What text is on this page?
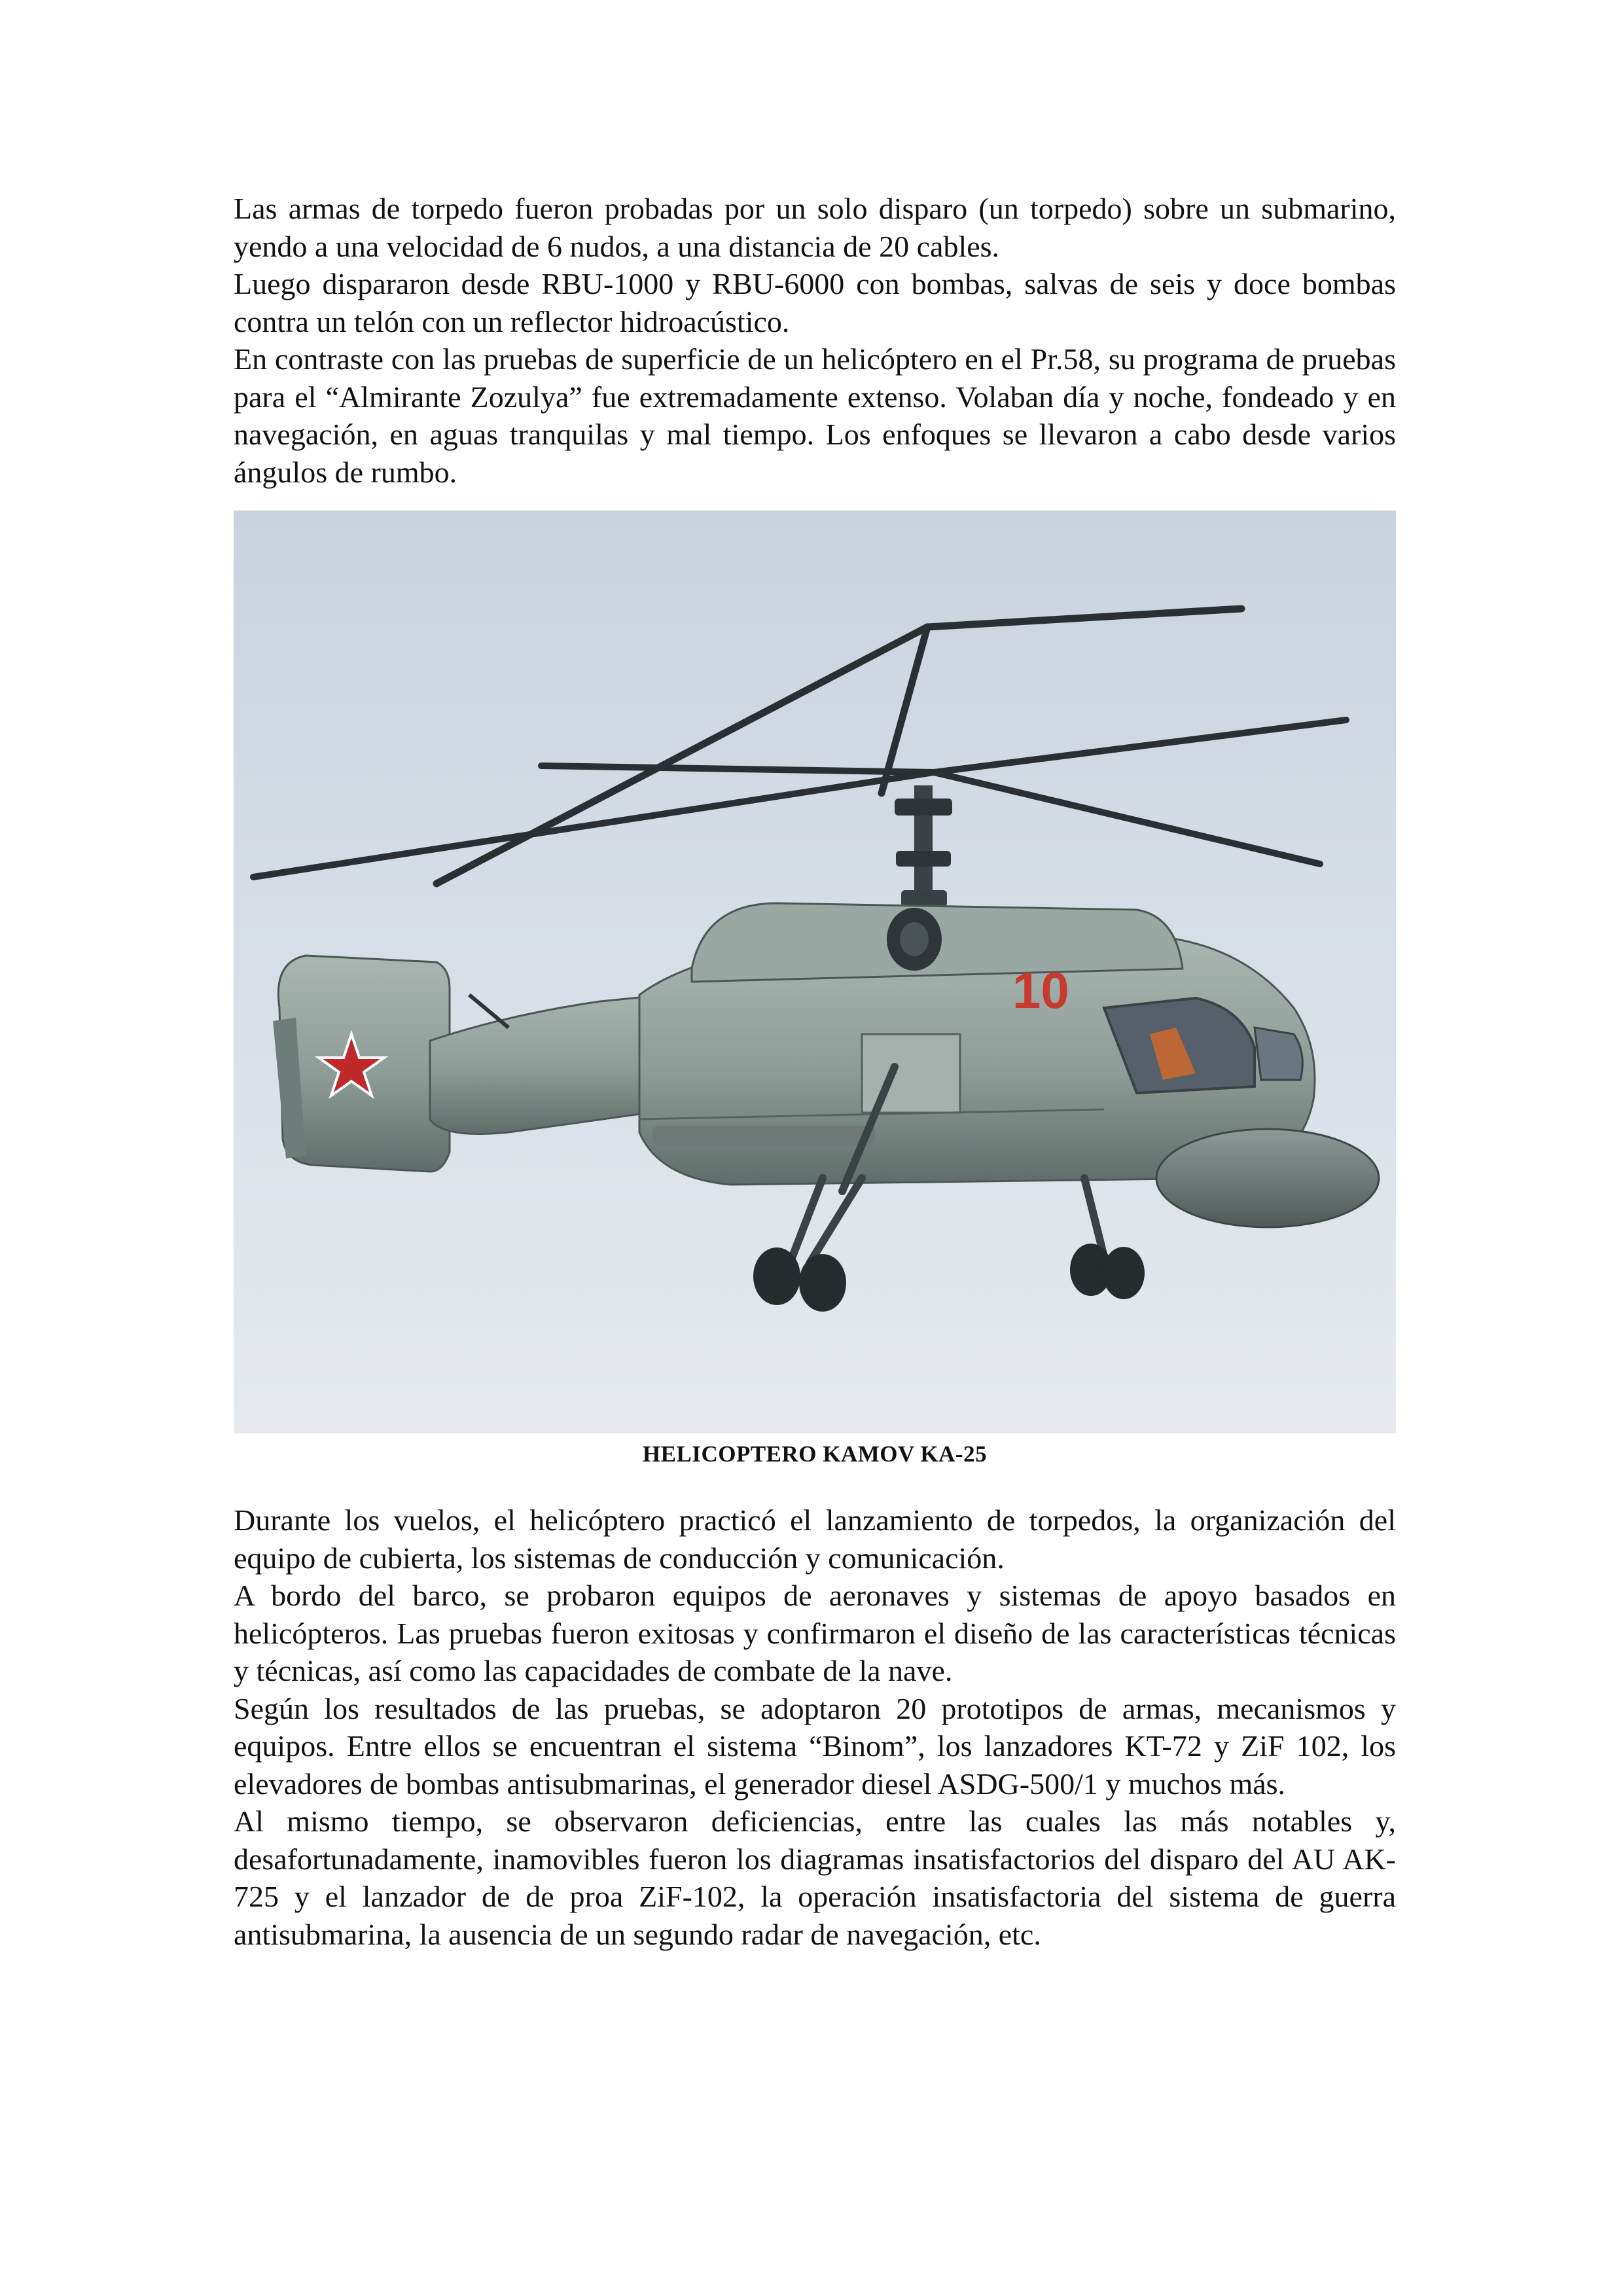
Las armas de torpedo fueron probadas por un solo disparo (un torpedo) sobre un submarino, yendo a una velocidad de 6 nudos, a una distancia de 20 cables.

Luego dispararon desde RBU-1000 y RBU-6000 con bombas, salvas de seis y doce bombas contra un telón con un reflector hidroacústico.

En contraste con las pruebas de superficie de un helicóptero en el Pr.58, su programa de pruebas para el “Almirante Zozulya” fue extremadamente extenso. Volaban día y noche, fondeado y en navegación, en aguas tranquilas y mal tiempo. Los enfoques se llevaron a cabo desde varios ángulos de rumbo.

10
HELICOPTERO KAMOV KA-25

Durante los vuelos, el helicóptero practicó el lanzamiento de torpedos, la organización del equipo de cubierta, los sistemas de conducción y comunicación.

A bordo del barco, se probaron equipos de aeronaves y sistemas de apoyo basados en helicópteros. Las pruebas fueron exitosas y confirmaron el diseño de las características técnicas y técnicas, así como las capacidades de combate de la nave.

Según los resultados de las pruebas, se adoptaron 20 prototipos de armas, mecanismos y equipos. Entre ellos se encuentran el sistema “Binom”, los lanzadores KT-72 y ZiF 102, los elevadores de bombas antisubmarinas, el generador diesel ASDG-500/1 y muchos más.

Al mismo tiempo, se observaron deficiencias, entre las cuales las más notables y, desafortunadamente, inamovibles fueron los diagramas insatisfactorios del disparo del AU AK-725 y el lanzador de de proa ZiF-102, la operación insatisfactoria del sistema de guerra antisubmarina, la ausencia de un segundo radar de navegación, etc.
